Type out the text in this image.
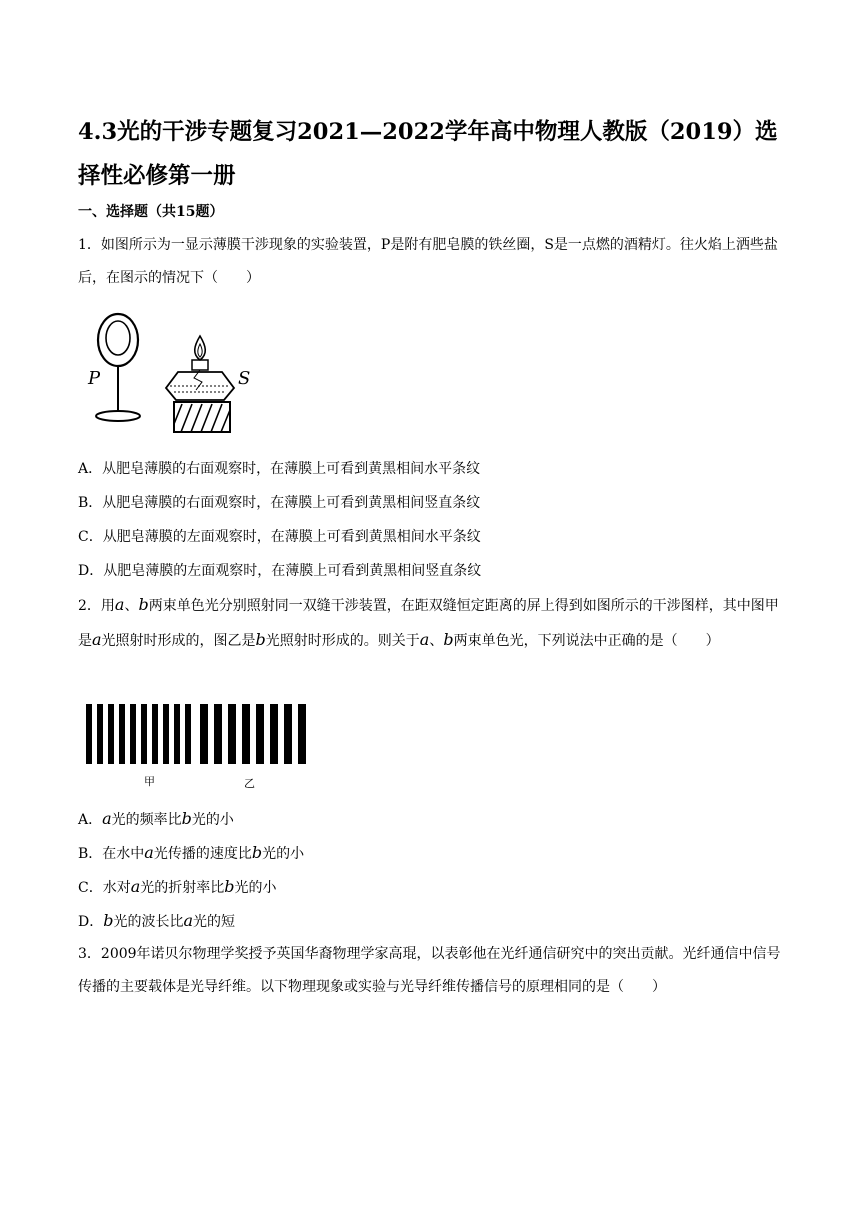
4.3光的干涉专题复习2021—2022学年高中物理人教版（2019）选择性必修第一册
一、选择题（共15题）
1．如图所示为一显示薄膜干涉现象的实验装置，P是附有肥皂膜的铁丝圈，S是一点燃的酒精灯。往火焰上洒些盐后，在图示的情况下（　　）
P	S
A．从肥皂薄膜的右面观察时，在薄膜上可看到黄黑相间水平条纹
B．从肥皂薄膜的右面观察时，在薄膜上可看到黄黑相间竖直条纹
C．从肥皂薄膜的左面观察时，在薄膜上可看到黄黑相间水平条纹
D．从肥皂薄膜的左面观察时，在薄膜上可看到黄黑相间竖直条纹
2．用a、b两束单色光分别照射同一双缝干涉装置，在距双缝恒定距离的屏上得到如图所示的干涉图样，其中图甲是a光照射时形成的，图乙是b光照射时形成的。则关于a、b两束单色光，下列说法中正确的是（　　）
甲	乙
A．a光的频率比b光的小
B．在水中a光传播的速度比b光的小
C．水对a光的折射率比b光的小
D．b光的波长比a光的短
3．2009年诺贝尔物理学奖授予英国华裔物理学家高琨，以表彰他在光纤通信研究中的突出贡献。光纤通信中信号传播的主要载体是光导纤维。以下物理现象或实验与光导纤维传播信号的原理相同的是（　　）
